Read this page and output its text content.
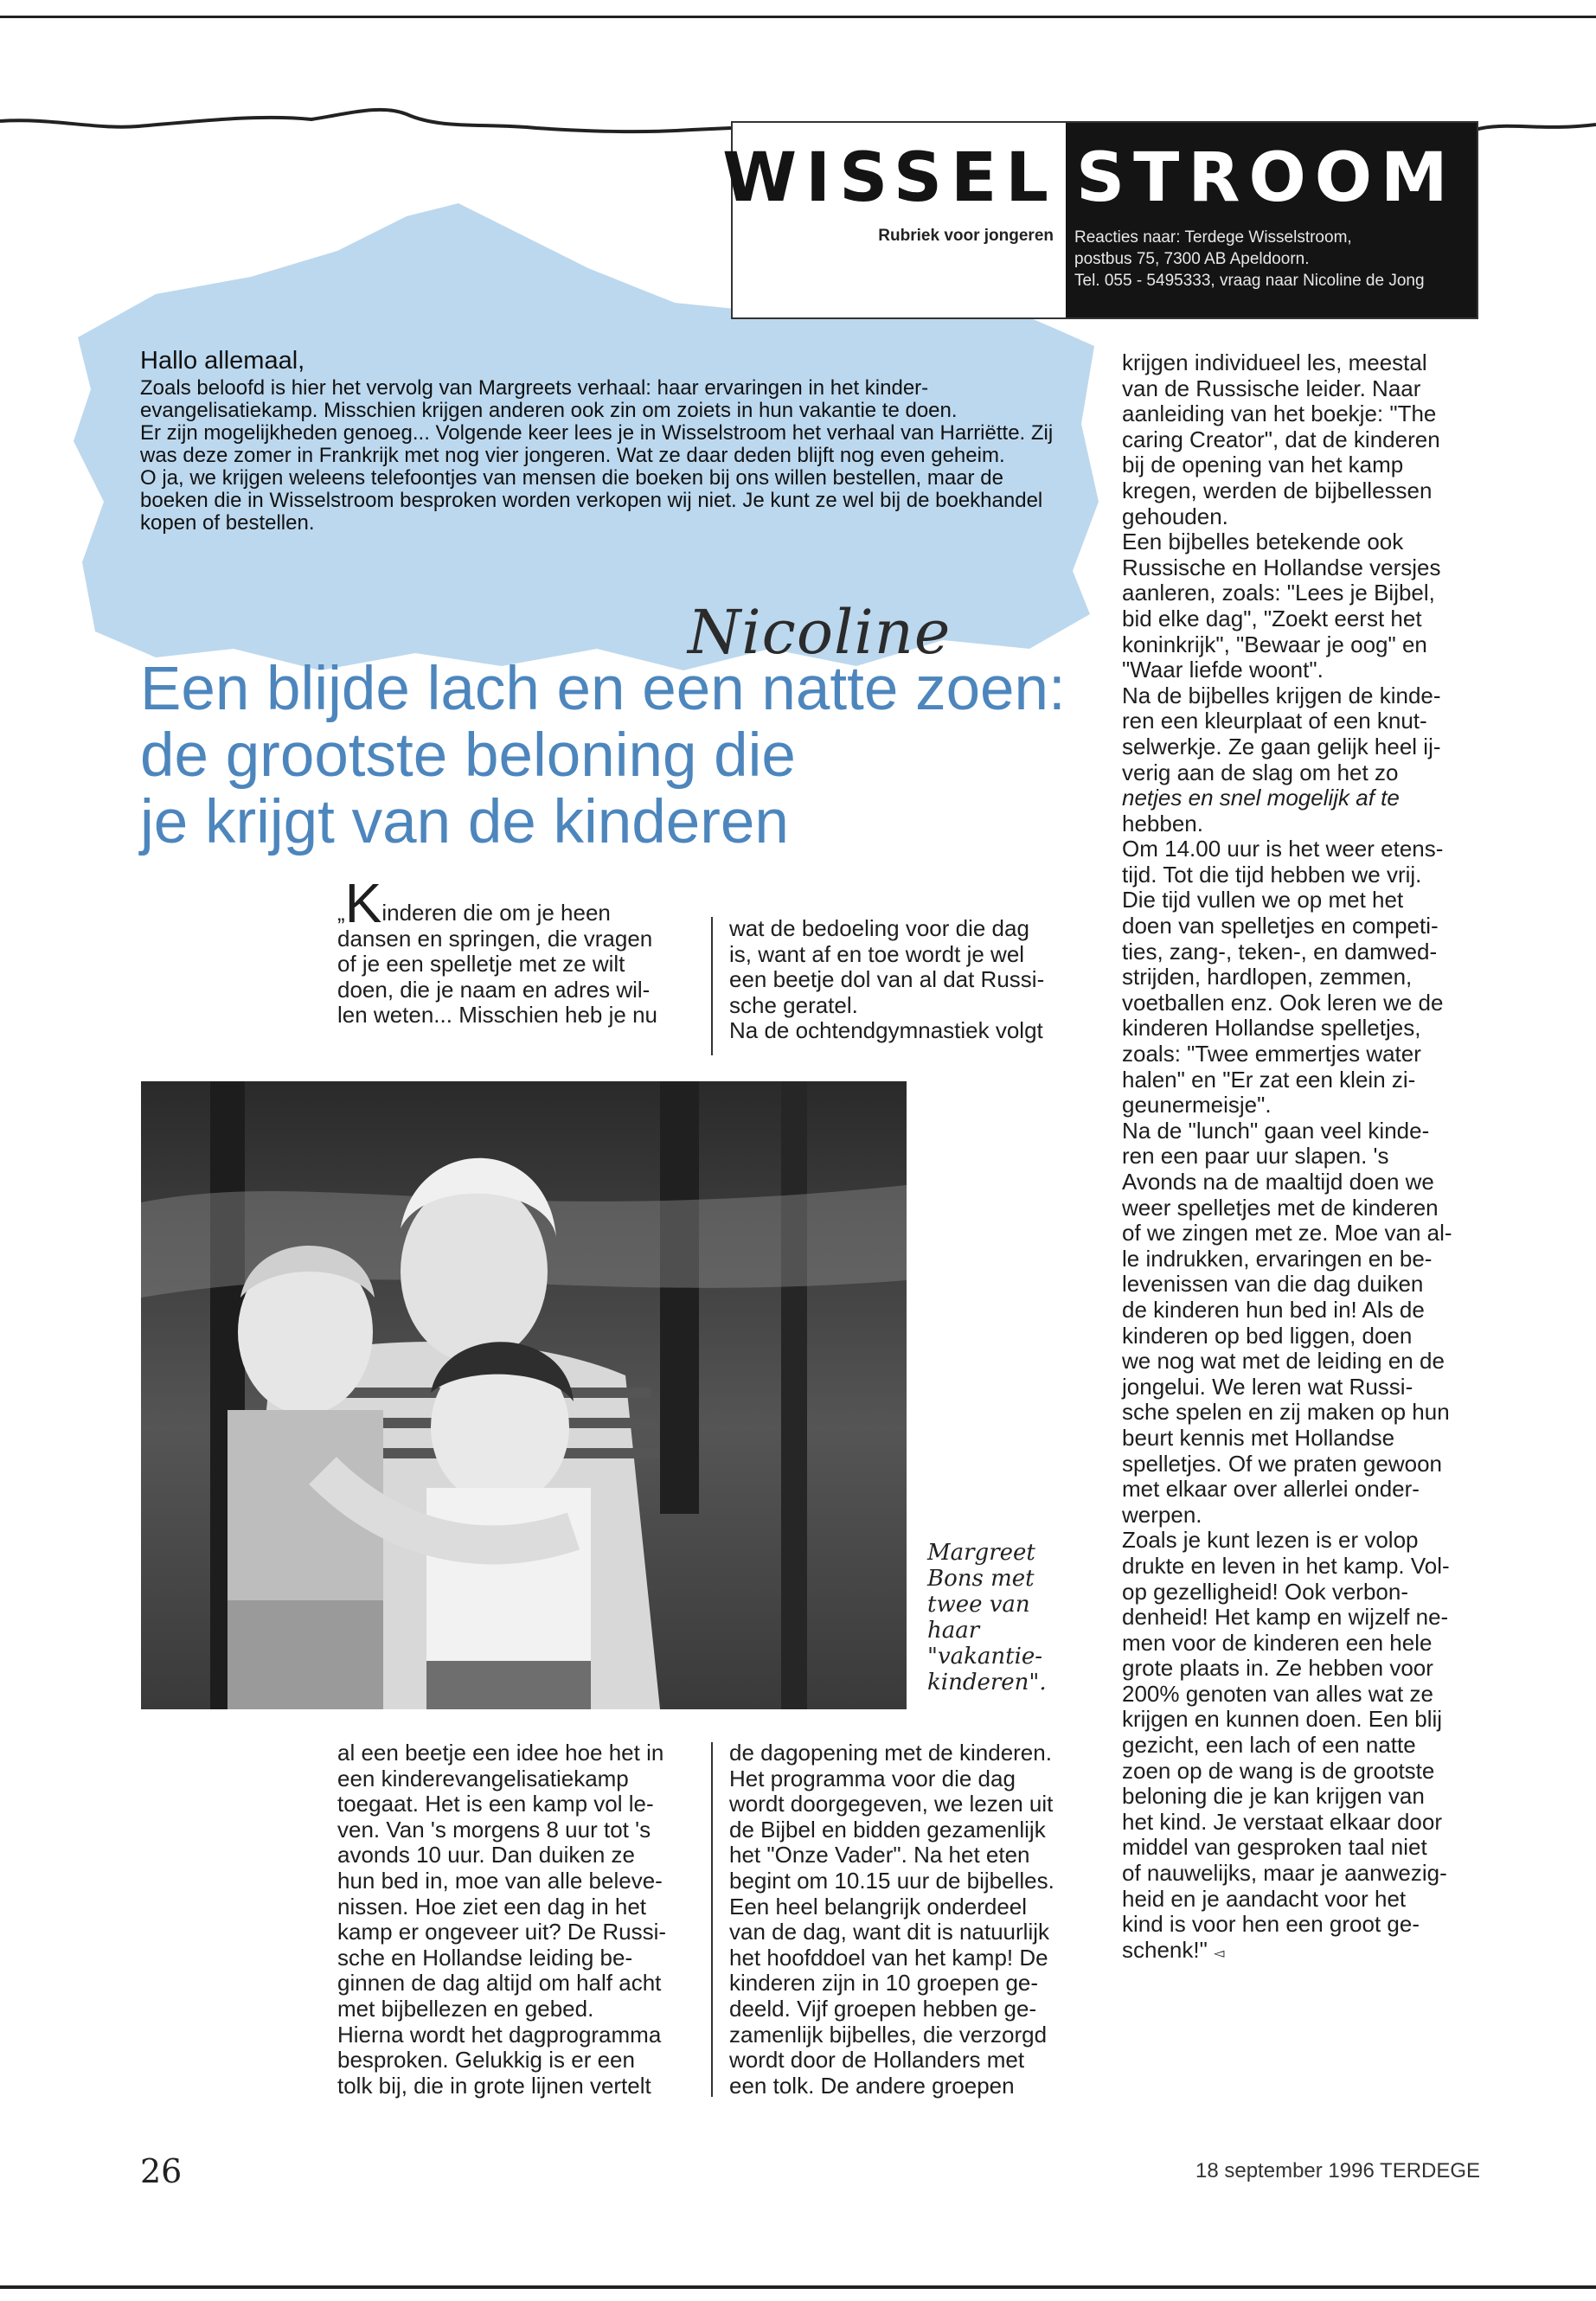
WISSEL
Rubriek voor jongeren
STROOM
Reacties naar: Terdege Wisselstroom,
postbus 75, 7300 AB Apeldoorn.
Tel. 055 - 5495333, vraag naar Nicoline de Jong

Hallo allemaal,

Zoals beloofd is hier het vervolg van Margreets verhaal: haar ervaringen in het kinder-evangelisatiekamp. Misschien krijgen anderen ook zin om zoiets in hun vakantie te doen.

Er zijn mogelijkheden genoeg... Volgende keer lees je in Wisselstroom het verhaal van Harriëtte. Zij was deze zomer in Frankrijk met nog vier jongeren. Wat ze daar deden blijft nog even geheim.

O ja, we krijgen weleens telefoontjes van mensen die boeken bij ons willen bestellen, maar de boeken die in Wisselstroom besproken worden verkopen wij niet. Je kunt ze wel bij de boekhandel kopen of bestellen.

Nicoline
Een blijde lach en een natte zoen:
de grootste beloning die
je krijgt van de kinderen

„Kinderen die om je heen

dansen en springen, die vragen

of je een spelletje met ze wilt

doen, die je naam en adres wil-

len weten... Misschien heb je nu

wat de bedoeling voor die dag

is, want af en toe wordt je wel

een beetje dol van al dat Russi-

sche geratel.

Na de ochtendgymnastiek volgt

Margreet
Bons met
twee van
haar
"vakantie-
kinderen".

al een beetje een idee hoe het in

een kinderevangelisatiekamp

toegaat. Het is een kamp vol le-

ven. Van 's morgens 8 uur tot 's

avonds 10 uur. Dan duiken ze

hun bed in, moe van alle beleve-

nissen. Hoe ziet een dag in het

kamp er ongeveer uit? De Russi-

sche en Hollandse leiding be-

ginnen de dag altijd om half acht

met bijbellezen en gebed.

Hierna wordt het dagprogramma

besproken. Gelukkig is er een

tolk bij, die in grote lijnen vertelt

de dagopening met de kinderen.

Het programma voor die dag

wordt doorgegeven, we lezen uit

de Bijbel en bidden gezamenlijk

het "Onze Vader". Na het eten

begint om 10.15 uur de bijbelles.

Een heel belangrijk onderdeel

van de dag, want dit is natuurlijk

het hoofddoel van het kamp! De

kinderen zijn in 10 groepen ge-

deeld. Vijf groepen hebben ge-

zamenlijk bijbelles, die verzorgd

wordt door de Hollanders met

een tolk. De andere groepen

krijgen individueel les, meestal

van de Russische leider. Naar

aanleiding van het boekje: "The

caring Creator", dat de kinderen

bij de opening van het kamp

kregen, werden de bijbellessen

gehouden.

Een bijbelles betekende ook

Russische en Hollandse versjes

aanleren, zoals: "Lees je Bijbel,

bid elke dag", "Zoekt eerst het

koninkrijk", "Bewaar je oog" en

"Waar liefde woont".

Na de bijbelles krijgen de kinde-

ren een kleurplaat of een knut-

selwerkje. Ze gaan gelijk heel ij-

verig aan de slag om het zo

netjes en snel mogelijk af te

hebben.

Om 14.00 uur is het weer etens-

tijd. Tot die tijd hebben we vrij.

Die tijd vullen we op met het

doen van spelletjes en competi-

ties, zang-, teken-, en damwed-

strijden, hardlopen, zemmen,

voetballen enz. Ook leren we de

kinderen Hollandse spelletjes,

zoals: "Twee emmertjes water

halen" en "Er zat een klein zi-

geunermeisje".

Na de "lunch" gaan veel kinde-

ren een paar uur slapen. 's

Avonds na de maaltijd doen we

weer spelletjes met de kinderen

of we zingen met ze. Moe van al-

le indrukken, ervaringen en be-

levenissen van die dag duiken

de kinderen hun bed in! Als de

kinderen op bed liggen, doen

we nog wat met de leiding en de

jongelui. We leren wat Russi-

sche spelen en zij maken op hun

beurt kennis met Hollandse

spelletjes. Of we praten gewoon

met elkaar over allerlei onder-

werpen.

Zoals je kunt lezen is er volop

drukte en leven in het kamp. Vol-

op gezelligheid! Ook verbon-

denheid! Het kamp en wijzelf ne-

men voor de kinderen een hele

grote plaats in. Ze hebben voor

200% genoten van alles wat ze

krijgen en kunnen doen. Een blij

gezicht, een lach of een natte

zoen op de wang is de grootste

beloning die je kan krijgen van

het kind. Je verstaat elkaar door

middel van gesproken taal niet

of nauwelijks, maar je aanwezig-

heid en je aandacht voor het

kind is voor hen een groot ge-

schenk!" ◅

26	18 september 1996 TERDEGE
